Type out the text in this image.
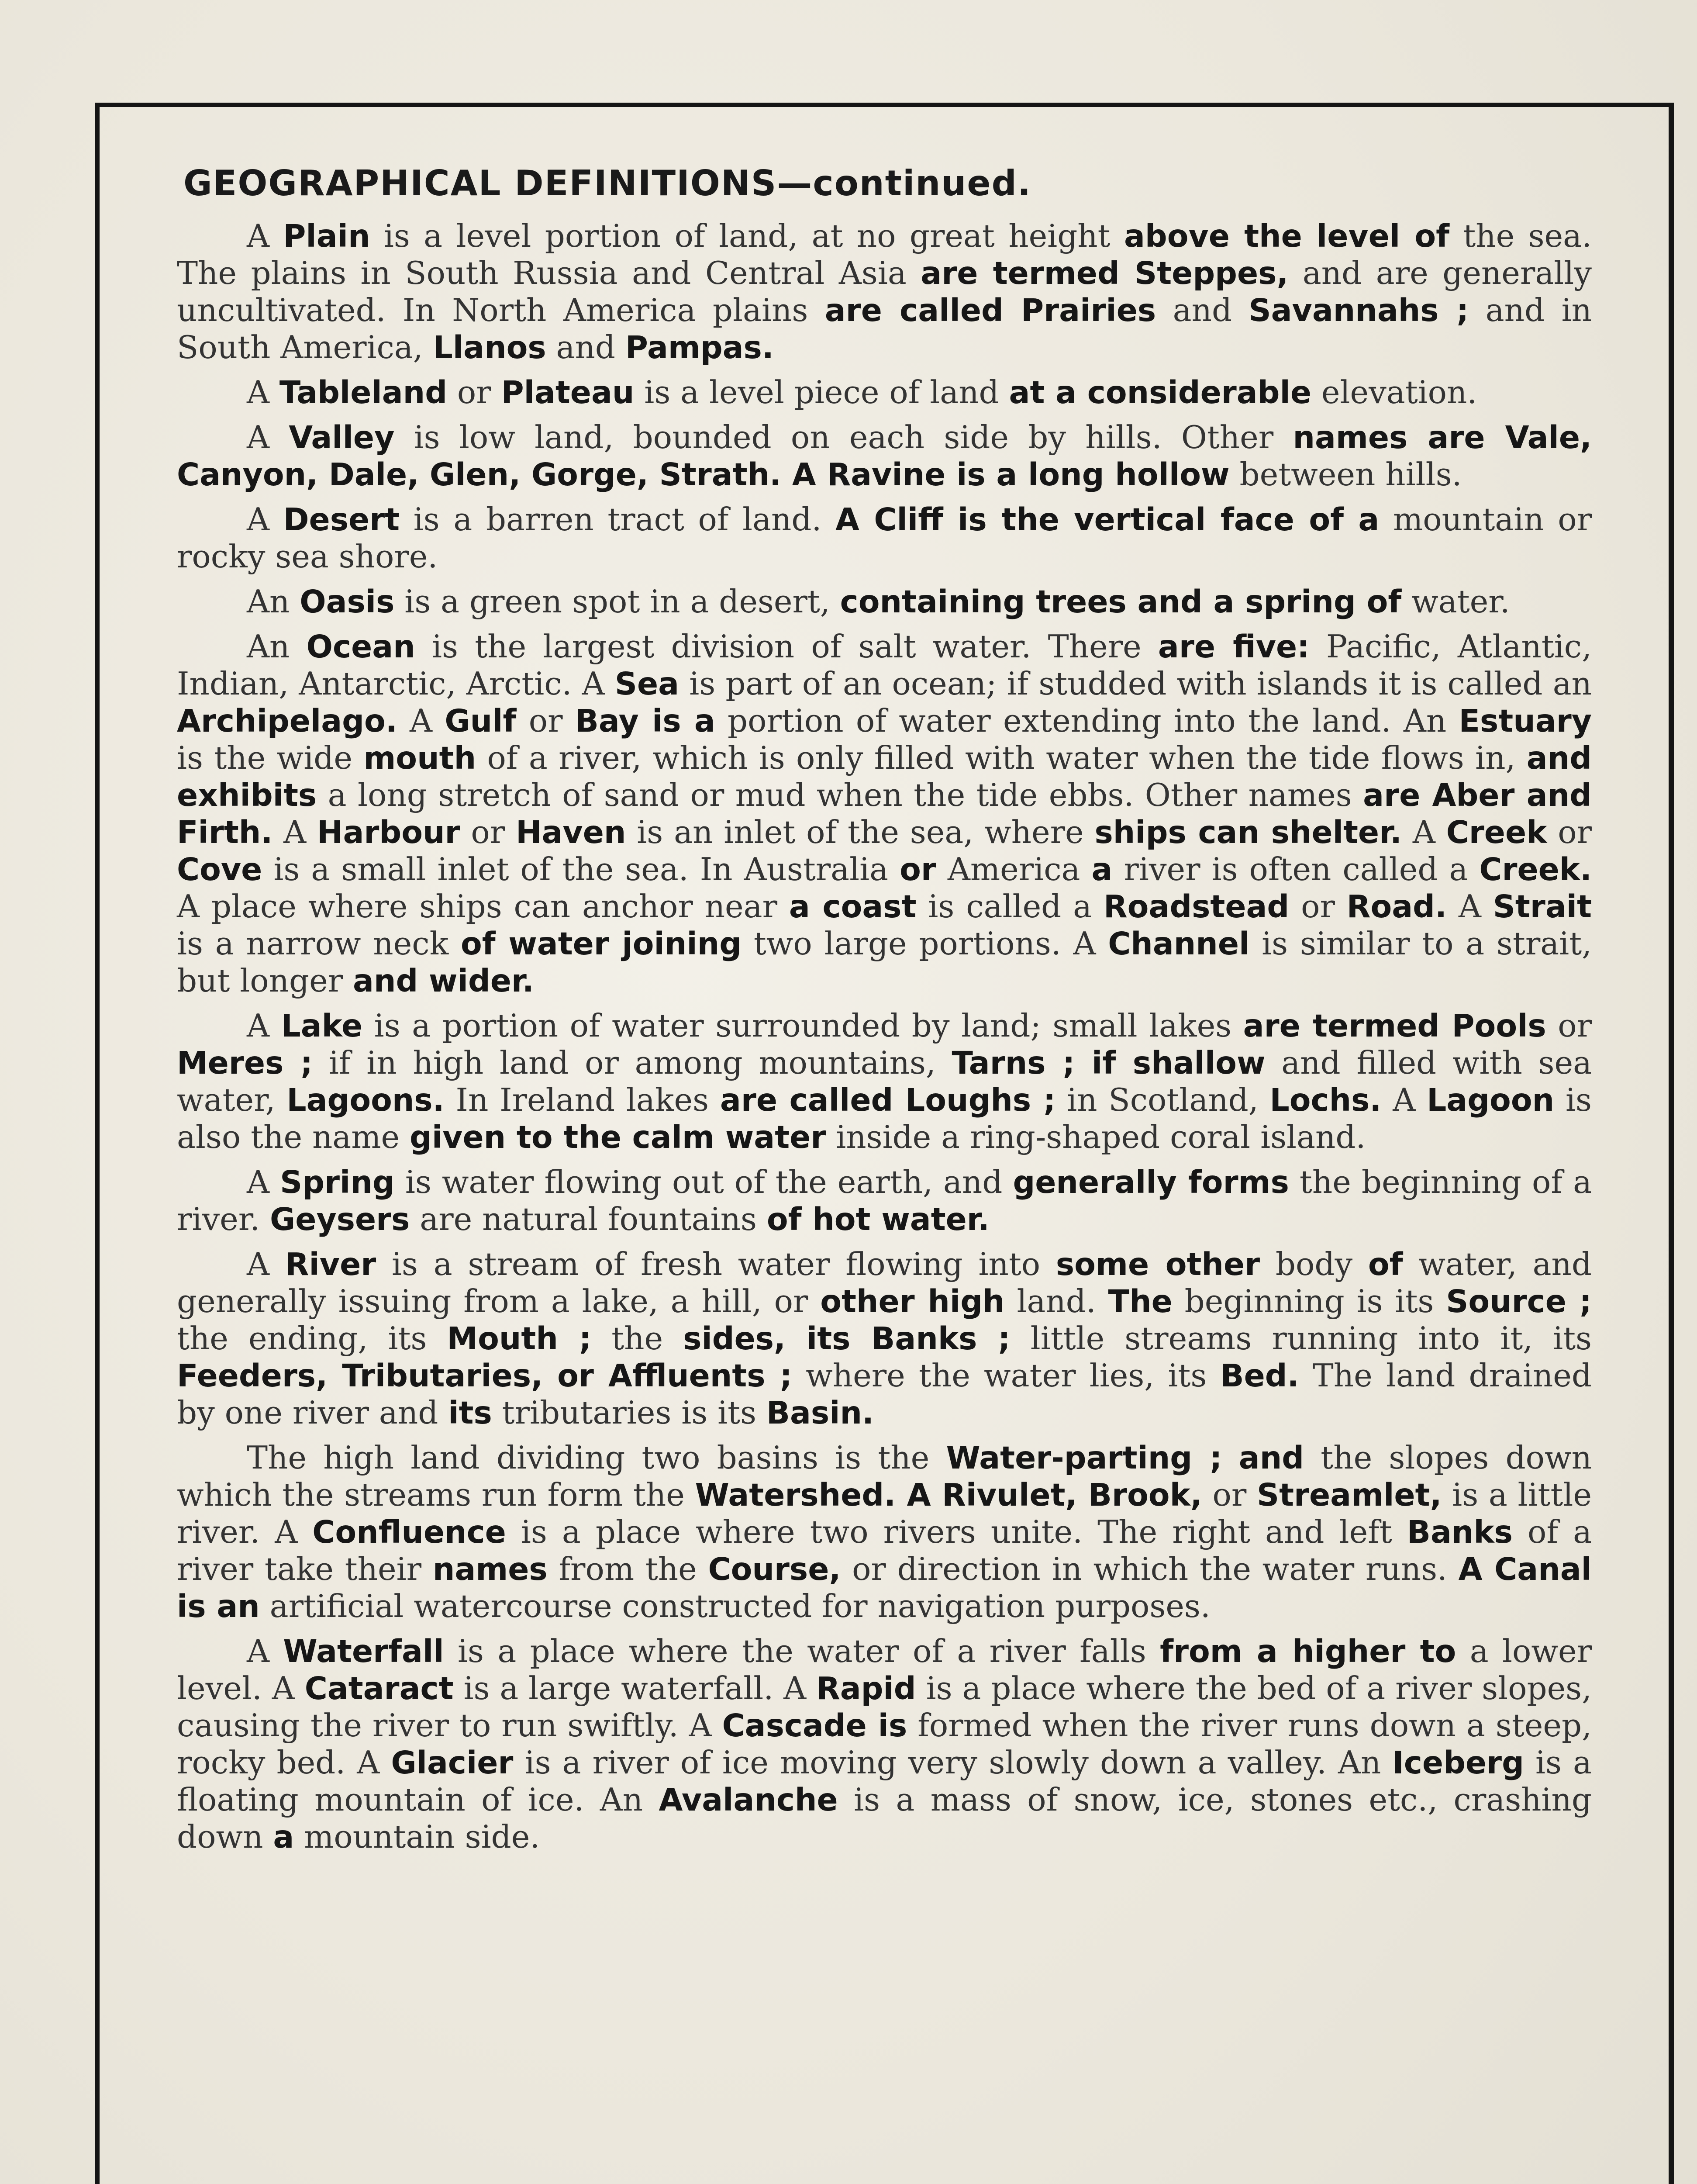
GEOGRAPHICAL DEFINITIONS—continued.

A Plain is a level portion of land, at no great height above the level of the sea. The plains in South Russia and Central Asia are termed Steppes, and are generally uncultivated. In North America plains are called Prairies and Savannahs ; and in South America, Llanos and Pampas.

A Tableland or Plateau is a level piece of land at a considerable elevation.

A Valley is low land, bounded on each side by hills. Other names are Vale, Canyon, Dale, Glen, Gorge, Strath. A Ravine is a long hollow between hills.

A Desert is a barren tract of land. A Cliff is the vertical face of a mountain or rocky sea shore.

An Oasis is a green spot in a desert, containing trees and a spring of water.

An Ocean is the largest division of salt water. There are five: Pacific, Atlantic, Indian, Antarctic, Arctic. A Sea is part of an ocean; if studded with islands it is called an Archipelago. A Gulf or Bay is a portion of water extending into the land. An Estuary is the wide mouth of a river, which is only filled with water when the tide flows in, and exhibits a long stretch of sand or mud when the tide ebbs. Other names are Aber and Firth. A Harbour or Haven is an inlet of the sea, where ships can shelter. A Creek or Cove is a small inlet of the sea. In Australia or America a river is often called a Creek. A place where ships can anchor near a coast is called a Roadstead or Road. A Strait is a narrow neck of water joining two large portions. A Channel is similar to a strait, but longer and wider.

A Lake is a portion of water surrounded by land; small lakes are termed Pools or Meres ; if in high land or among mountains, Tarns ; if shallow and filled with sea water, Lagoons. In Ireland lakes are called Loughs ; in Scotland, Lochs. A Lagoon is also the name given to the calm water inside a ring-shaped coral island.

A Spring is water flowing out of the earth, and generally forms the beginning of a river. Geysers are natural fountains of hot water.

A River is a stream of fresh water flowing into some other body of water, and generally issuing from a lake, a hill, or other high land. The beginning is its Source ; the ending, its Mouth ; the sides, its Banks ; little streams running into it, its Feeders, Tributaries, or Affluents ; where the water lies, its Bed. The land drained by one river and its tributaries is its Basin.

The high land dividing two basins is the Water-parting ; and the slopes down which the streams run form the Watershed. A Rivulet, Brook, or Streamlet, is a little river. A Confluence is a place where two rivers unite. The right and left Banks of a river take their names from the Course, or direction in which the water runs. A Canal is an artificial watercourse constructed for navigation purposes.

A Waterfall is a place where the water of a river falls from a higher to a lower level. A Cataract is a large waterfall. A Rapid is a place where the bed of a river slopes, causing the river to run swiftly. A Cascade is formed when the river runs down a steep, rocky bed. A Glacier is a river of ice moving very slowly down a valley. An Iceberg is a floating mountain of ice. An Avalanche is a mass of snow, ice, stones etc., crashing down a mountain side.
